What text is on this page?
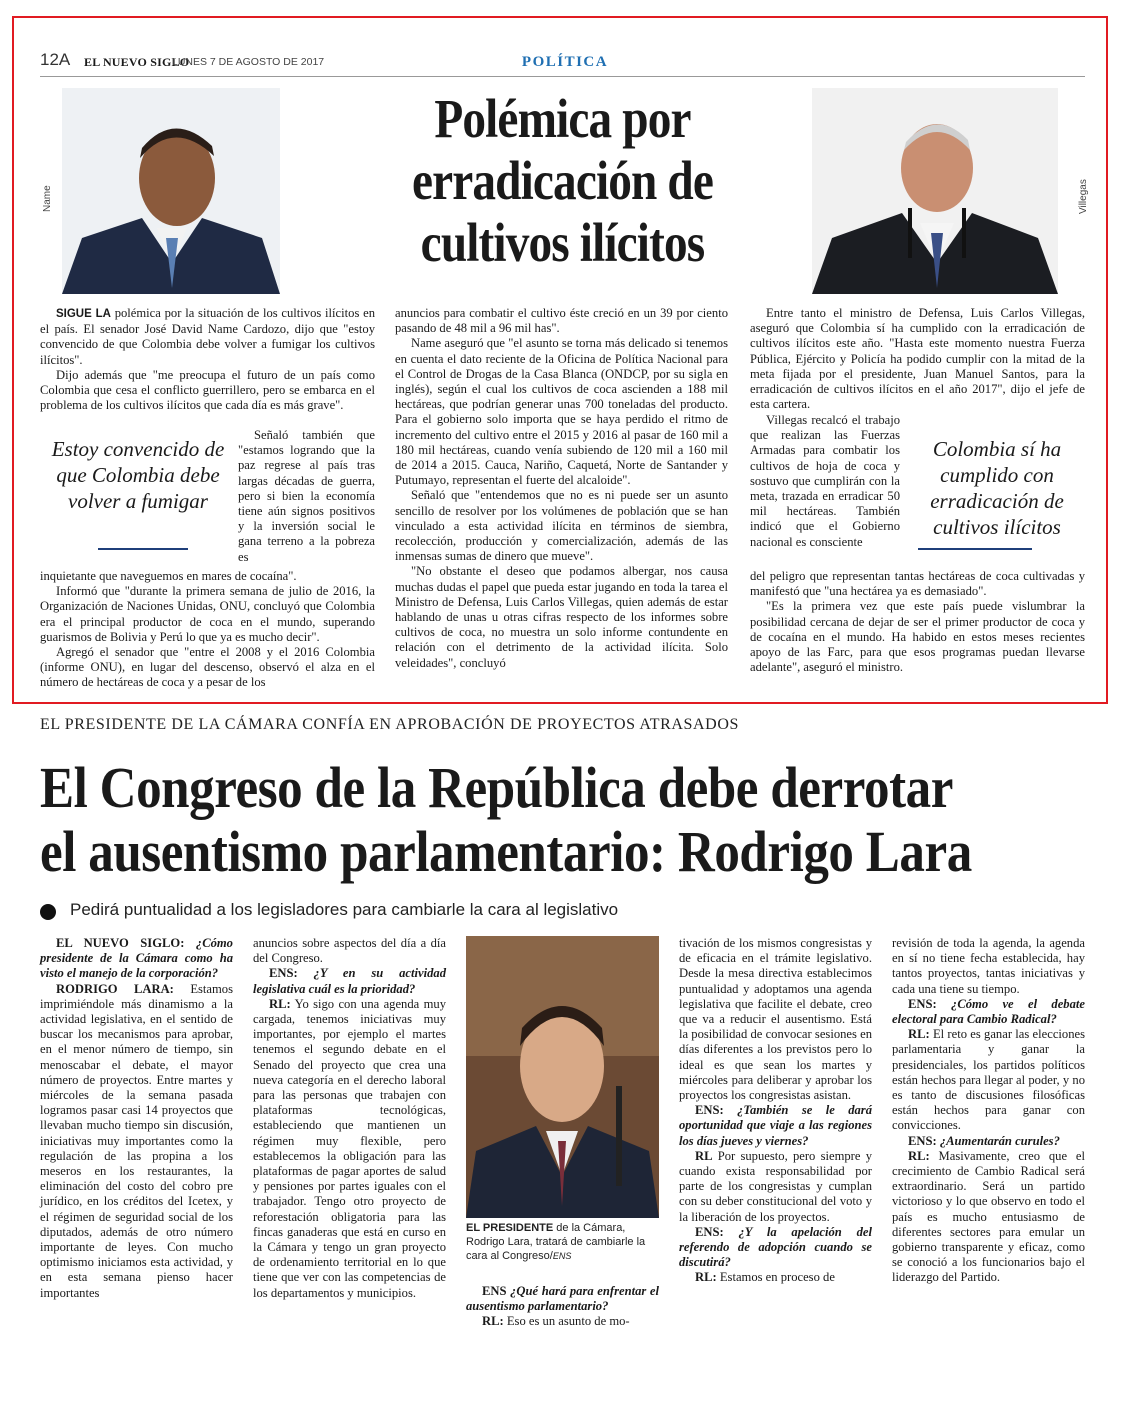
12A EL NUEVO SIGLO
LUNES 7 DE AGOSTO DE 2017	POLÍTICA
Name	Villegas
Polémica por erradicación de cultivos ilícitos

SIGUE LA polémica por la situación de los cultivos ilícitos en el país. El senador José David Name Cardozo, dijo que "estoy convencido de que Colombia debe volver a fumigar los cultivos ilícitos".

Dijo además que "me preocupa el futuro de un país como Colombia que cesa el conflicto guerrillero, pero se embarca en el problema de los cultivos ilícitos que cada día es más grave".

Señaló también que "estamos logrando que la paz regrese al país tras largas décadas de guerra, pero si bien la economía tiene aún signos positivos y la inversión social le gana terreno a la pobreza es

Estoy convencido de que Colombia debe volver a fumigar

inquietante que naveguemos en mares de cocaína".

Informó que "durante la primera semana de julio de 2016, la Organización de Naciones Unidas, ONU, concluyó que Colombia era el principal productor de coca en el mundo, superando guarismos de Bolivia y Perú lo que ya es mucho decir".

Agregó el senador que "entre el 2008 y el 2016 Colombia (informe ONU), en lugar del descenso, observó el alza en el número de hectáreas de coca y a pesar de los

anuncios para combatir el cultivo éste creció en un 39 por ciento pasando de 48 mil a 96 mil has".

Name aseguró que "el asunto se torna más delicado si tenemos en cuenta el dato reciente de la Oficina de Política Nacional para el Control de Drogas de la Casa Blanca (ONDCP, por su sigla en inglés), según el cual los cultivos de coca ascienden a 188 mil hectáreas, que podrían generar unas 700 toneladas del producto. Para el gobierno solo importa que se haya perdido el ritmo de incremento del cultivo entre el 2015 y 2016 al pasar de 160 mil a 180 mil hectáreas, cuando venía subiendo de 120 mil a 160 mil de 2014 a 2015. Cauca, Nariño, Caquetá, Norte de Santander y Putumayo, representan el fuerte del alcaloide".

Señaló que "entendemos que no es ni puede ser un asunto sencillo de resolver por los volúmenes de población que se han vinculado a esta actividad ilícita en términos de siembra, recolección, producción y comercialización, además de las inmensas sumas de dinero que mueve".

"No obstante el deseo que podamos albergar, nos causa muchas dudas el papel que pueda estar jugando en toda la tarea el Ministro de Defensa, Luis Carlos Villegas, quien además de estar hablando de unas u otras cifras respecto de los informes sobre cultivos de coca, no muestra un solo informe contundente en relación con el detrimento de la actividad ilícita. Solo veleidades", concluyó

Entre tanto el ministro de Defensa, Luis Carlos Villegas, aseguró que Colombia sí ha cumplido con la erradicación de cultivos ilícitos este año. "Hasta este momento nuestra Fuerza Pública, Ejército y Policía ha podido cumplir con la mitad de la meta fijada por el presidente, Juan Manuel Santos, para la erradicación de cultivos ilícitos en el año 2017", dijo el jefe de esta cartera.

Villegas recalcó el trabajo que realizan las Fuerzas Armadas para combatir los cultivos de hoja de coca y sostuvo que cumplirán con la meta, trazada en erradicar 50 mil hectáreas. También indicó que el Gobierno nacional es consciente

Colombia sí ha cumplido con erradicación de cultivos ilícitos

del peligro que representan tantas hectáreas de coca cultivadas y manifestó que "una hectárea ya es demasiado".

"Es la primera vez que este país puede vislumbrar la posibilidad cercana de dejar de ser el primer productor de coca y de cocaína en el mundo. Ha habido en estos meses recientes apoyo de las Farc, para que esos programas puedan llevarse adelante", aseguró el ministro.

EL PRESIDENTE DE LA CÁMARA CONFÍA EN APROBACIÓN DE PROYECTOS ATRASADOS
El Congreso de la República debe derrotar
el ausentismo parlamentario: Rodrigo Lara
Pedirá puntualidad a los legisladores para cambiarle la cara al legislativo

EL NUEVO SIGLO: ¿Cómo presidente de la Cámara como ha visto el manejo de la corporación?

RODRIGO LARA: Estamos imprimiéndole más dinamismo a la actividad legislativa, en el sentido de buscar los mecanismos para aprobar, en el menor número de tiempo, sin menoscabar el debate, el mayor número de proyectos. Entre martes y miércoles de la semana pasada logramos pasar casi 14 proyectos que llevaban mucho tiempo sin discusión, iniciativas muy importantes como la regulación de las propina a los meseros en los restaurantes, la eliminación del costo del cobro pre jurídico, en los créditos del Icetex, y el régimen de seguridad social de los diputados, además de otro número importante de leyes. Con mucho optimismo iniciamos esta actividad, y en esta semana pienso hacer importantes

anuncios sobre aspectos del día a día del Congreso.

ENS: ¿Y en su actividad legislativa cuál es la prioridad?

RL: Yo sigo con una agenda muy cargada, tenemos iniciativas muy importantes, por ejemplo el martes tenemos el segundo debate en el Senado del proyecto que crea una nueva categoría en el derecho laboral para las personas que trabajen con plataformas tecnológicas, estableciendo que mantienen un régimen muy flexible, pero establecemos la obligación para las plataformas de pagar aportes de salud y pensiones por partes iguales con el trabajador. Tengo otro proyecto de reforestación obligatoria para las fincas ganaderas que está en curso en la Cámara y tengo un gran proyecto de ordenamiento territorial en lo que tiene que ver con las competencias de los departamentos y municipios.

EL PRESIDENTE de la Cámara, Rodrigo Lara, tratará de cambiarle la cara al Congreso/ENS

ENS ¿Qué hará para enfrentar el ausentismo parlamentario?

RL: Eso es un asunto de mo-

tivación de los mismos congresistas y de eficacia en el trámite legislativo. Desde la mesa directiva establecimos puntualidad y adoptamos una agenda legislativa que facilite el debate, creo que va a reducir el ausentismo. Está la posibilidad de convocar sesiones en días diferentes a los previstos pero lo ideal es que sean los martes y miércoles para deliberar y aprobar los proyectos los congresistas asistan.

ENS: ¿También se le dará oportunidad que viaje a las regiones los días jueves y viernes?

RL Por supuesto, pero siempre y cuando exista responsabilidad por parte de los congresistas y cumplan con su deber constitucional del voto y la liberación de los proyectos.

ENS: ¿Y la apelación del referendo de adopción cuando se discutirá?

RL: Estamos en proceso de

revisión de toda la agenda, la agenda en sí no tiene fecha establecida, hay tantos proyectos, tantas iniciativas y cada una tiene su tiempo.

ENS: ¿Cómo ve el debate electoral para Cambio Radical?

RL: El reto es ganar las elecciones parlamentaria y ganar la presidenciales, los partidos políticos están hechos para llegar al poder, y no es tanto de discusiones filosóficas están hechos para ganar con convicciones.

ENS: ¿Aumentarán curules?

RL: Masivamente, creo que el crecimiento de Cambio Radical será extraordinario. Será un partido victorioso y lo que observo en todo el país es mucho entusiasmo de diferentes sectores para emular un gobierno transparente y eficaz, como se conoció a los funcionarios bajo el liderazgo del Partido.
